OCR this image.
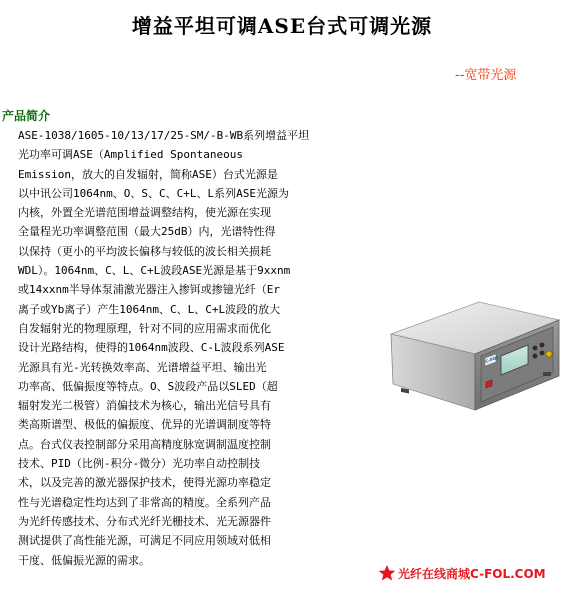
增益平坦可调ASE台式可调光源
--宽带光源
产品简介
ASE-1038/1605-10/13/17/25-SM/-B-WB系列增益平坦
光功率可调ASE（Amplified Spontaneous
Emission，放大的自发辐射，简称ASE）台式光源是
以中讯公司1064nm、O、S、C、C+L、L系列ASE光源为
内核，外置全光谱范围增益调整结构，使光源在实现
全量程光功率调整范围（最大25dB）内，光谱特性得
以保持（更小的平均波长偏移与较低的波长相关损耗
WDL）。1064nm、C、L、C+L波段ASE光源是基于9xxnm
或14xxnm半导体泵浦激光器注入掺铒或掺镱光纤（Er
离子或Yb离子）产生1064nm、C、L、C+L波段的放大
自发辐射光的物理原理，针对不同的应用需求而优化
设计光路结构，使得的1064nm波段、C-L波段系列ASE
光源具有光-光转换效率高、光谱增益平坦、输出光
功率高、低偏振度等特点。O、S波段产品以SLED（超
辐射发光二极管）消偏技术为核心，输出光信号具有
类高斯谱型、极低的偏振度、优异的光谱调制度等特
点。台式仪表控制部分采用高精度脉宽调制温度控制
技术、PID（比例-积分-微分）光功率自动控制技
术，以及完善的激光器保护技术，使得光源功率稳定
性与光谱稳定性均达到了非常高的精度。全系列产品
为光纤传感技术、分布式光纤光栅技术、光无源器件
测试提供了高性能光源，可满足不同应用领域对低相
干度、低偏振光源的需求。
C-FOL
光纤在线商城C-FOL.COM
